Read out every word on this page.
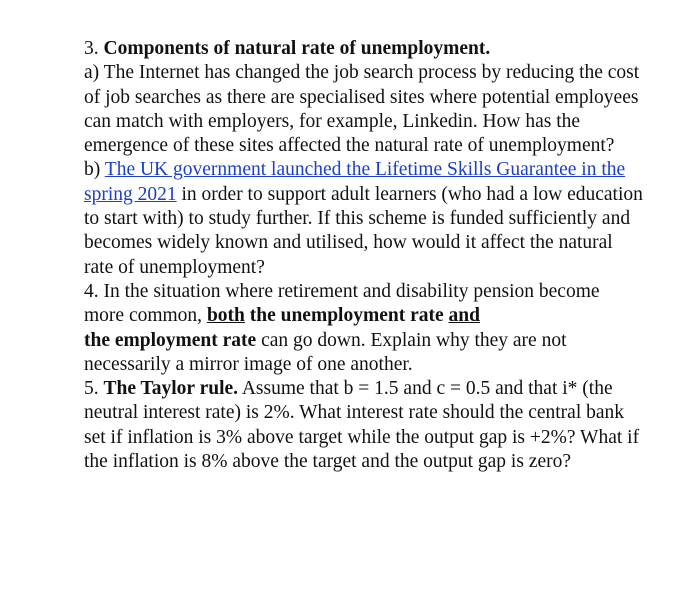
3. Components of natural rate of unemployment.

a) The Internet has changed the job search process by reducing the cost of job searches as there are specialised sites where potential employees can match with employers, for example, Linkedin. How has the emergence of these sites affected the natural rate of unemployment?

b) The UK government launched the Lifetime Skills Guarantee in the spring 2021 in order to support adult learners (who had a low education to start with) to study further. If this scheme is funded sufficiently and becomes widely known and utilised, how would it affect the natural rate of unemployment?

4. In the situation where retirement and disability pension become more common, both the unemployment rate and
the employment rate can go down. Explain why they are not necessarily a mirror image of one another.

5. The Taylor rule. Assume that b = 1.5 and c = 0.5 and that i* (the neutral interest rate) is 2%. What interest rate should the central bank set if inflation is 3% above target while the output gap is +2%? What if the inflation is 8% above the target and the output gap is zero?
